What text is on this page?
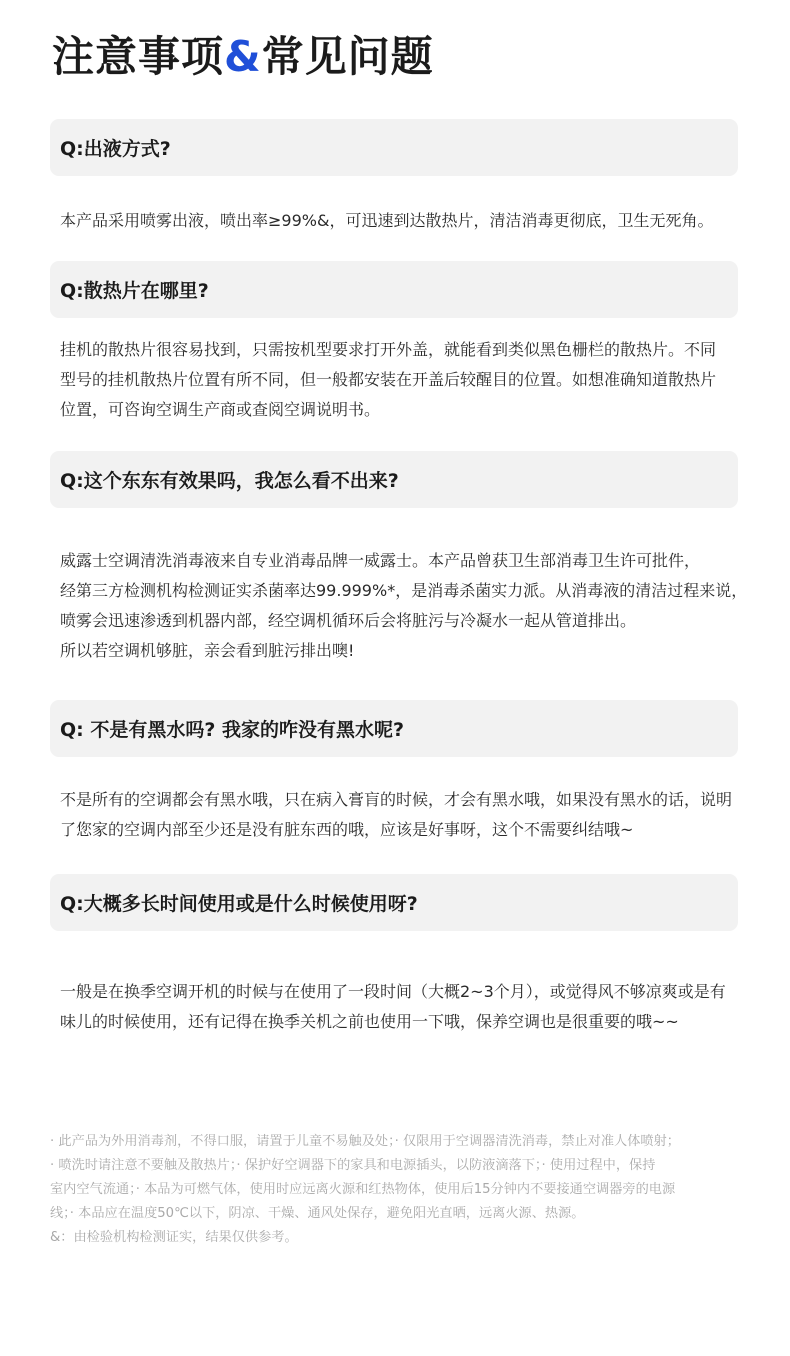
注意事项&常见问题
Q:出液方式?

本产品采用喷雾出液，喷出率≥99%&，可迅速到达散热片，清洁消毒更彻底，卫生无死角。

Q:散热片在哪里?

挂机的散热片很容易找到，只需按机型要求打开外盖，就能看到类似黑色栅栏的散热片。不同

型号的挂机散热片位置有所不同，但一般都安装在开盖后较醒目的位置。如想准确知道散热片

位置，可咨询空调生产商或查阅空调说明书。

Q:这个东东有效果吗，我怎么看不出来?

威露士空调清洗消毒液来自专业消毒品牌一威露士。本产品曾获卫生部消毒卫生许可批件，

经第三方检测机构检测证实杀菌率达99.999%*，是消毒杀菌实力派。从消毒液的清洁过程来说，

喷雾会迅速渗透到机器内部，经空调机循环后会将脏污与冷凝水一起从管道排出。

所以若空调机够脏，亲会看到脏污排出噢!

Q: 不是有黑水吗? 我家的咋没有黑水呢?

不是所有的空调都会有黑水哦，只在病入膏肓的时候，才会有黑水哦，如果没有黑水的话，说明

了您家的空调内部至少还是没有脏东西的哦，应该是好事呀，这个不需要纠结哦~

Q:大概多长时间使用或是什么时候使用呀?

一般是在换季空调开机的时候与在使用了一段时间（大概2~3个月），或觉得风不够凉爽或是有

味儿的时候使用，还有记得在换季关机之前也使用一下哦，保养空调也是很重要的哦~~

· 此产品为外用消毒剂，不得口服，请置于儿童不易触及处；· 仅限用于空调器清洗消毒，禁止对准人体喷射；

· 喷洗时请注意不要触及散热片；· 保护好空调器下的家具和电源插头，以防液滴落下；· 使用过程中，保持

室内空气流通；· 本品为可燃气体，使用时应远离火源和红热物体，使用后15分钟内不要接通空调器旁的电源

线；· 本品应在温度50℃以下，阴凉、干燥、通风处保存，避免阳光直晒，远离火源、热源。

&：由检验机构检测证实，结果仅供参考。
